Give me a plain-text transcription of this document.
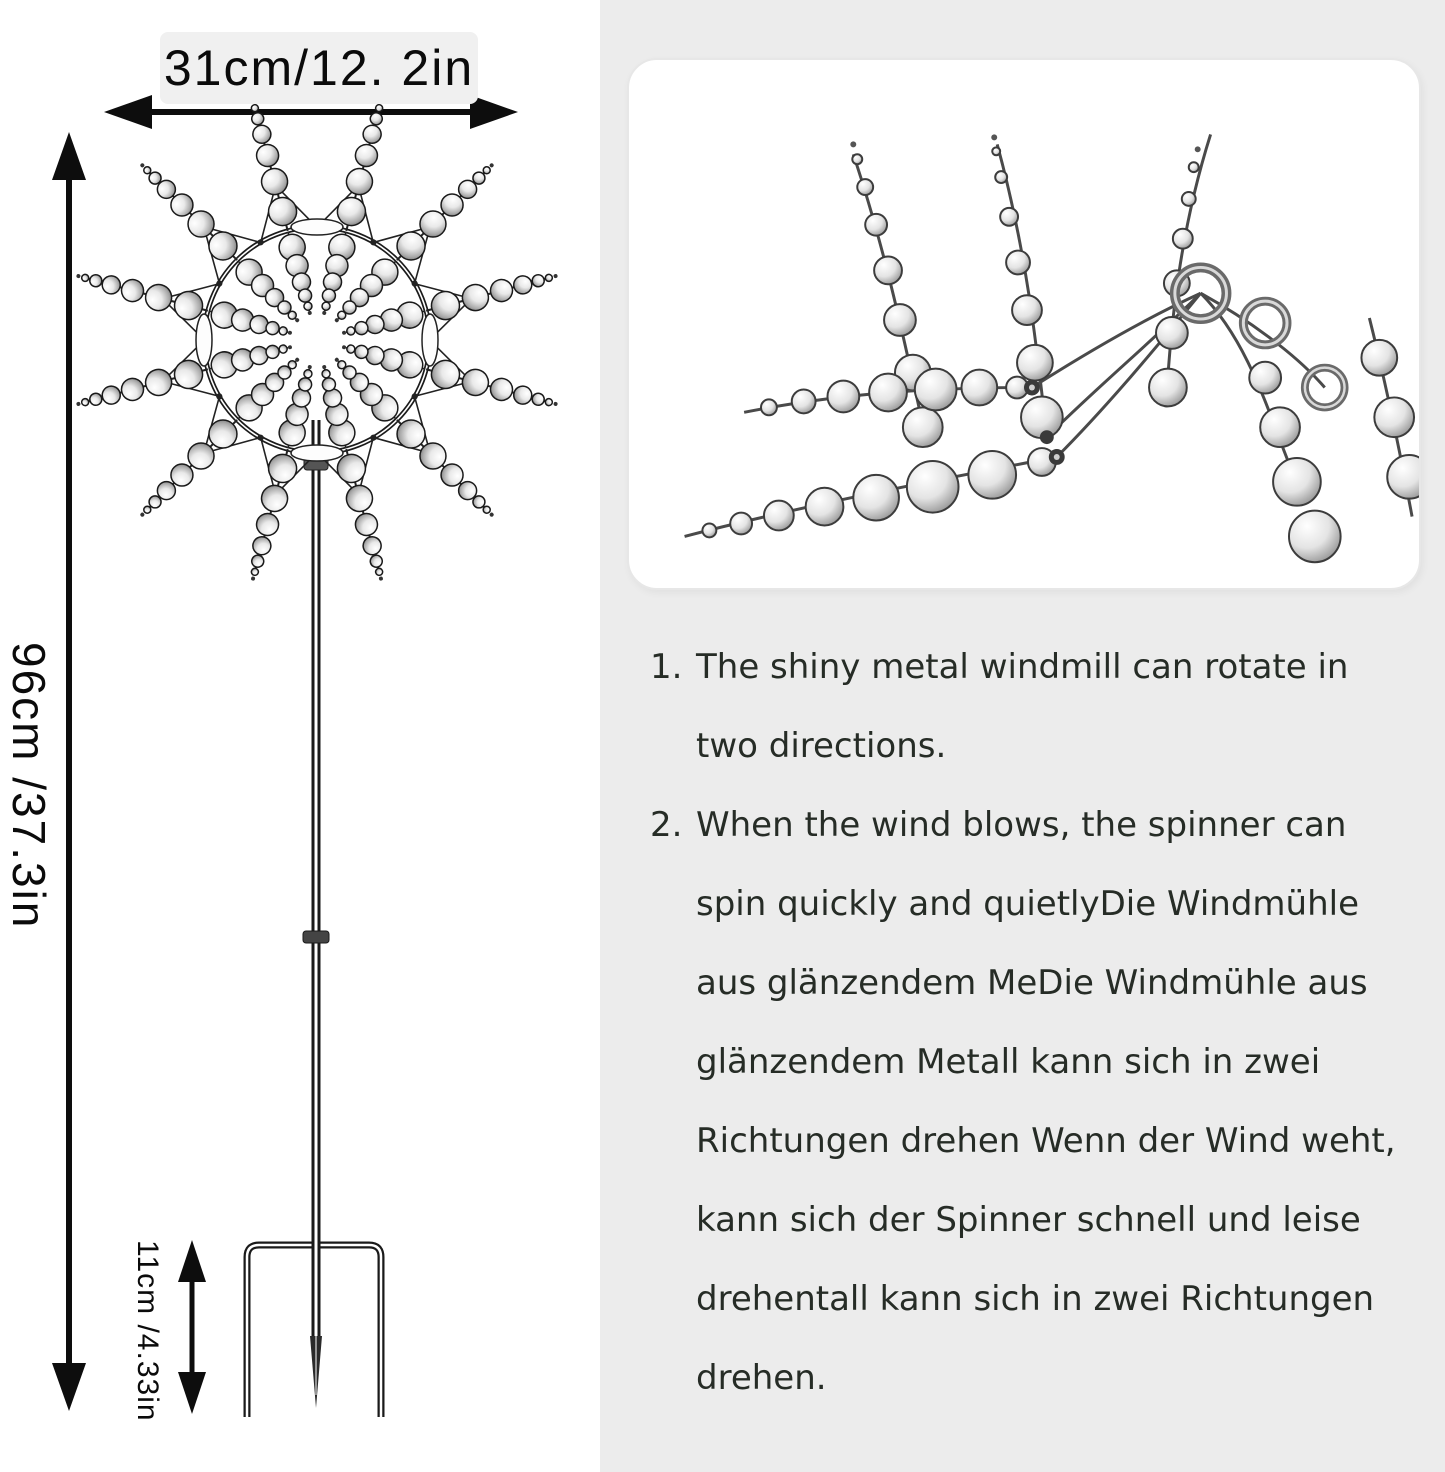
31cm/12. 2in
96cm /37.3in
11cm /4.33in
1. The shiny metal windmill can rotate in two directions.

2. When the wind blows, the spinner can spin quickly and quietlyDie Windmühle aus glänzendem MeDie Windmühle aus glänzendem Metall kann sich in zwei Richtungen drehen Wenn der Wind weht, kann sich der Spinner schnell und leise drehentall kann sich in zwei Richtungen drehen.
